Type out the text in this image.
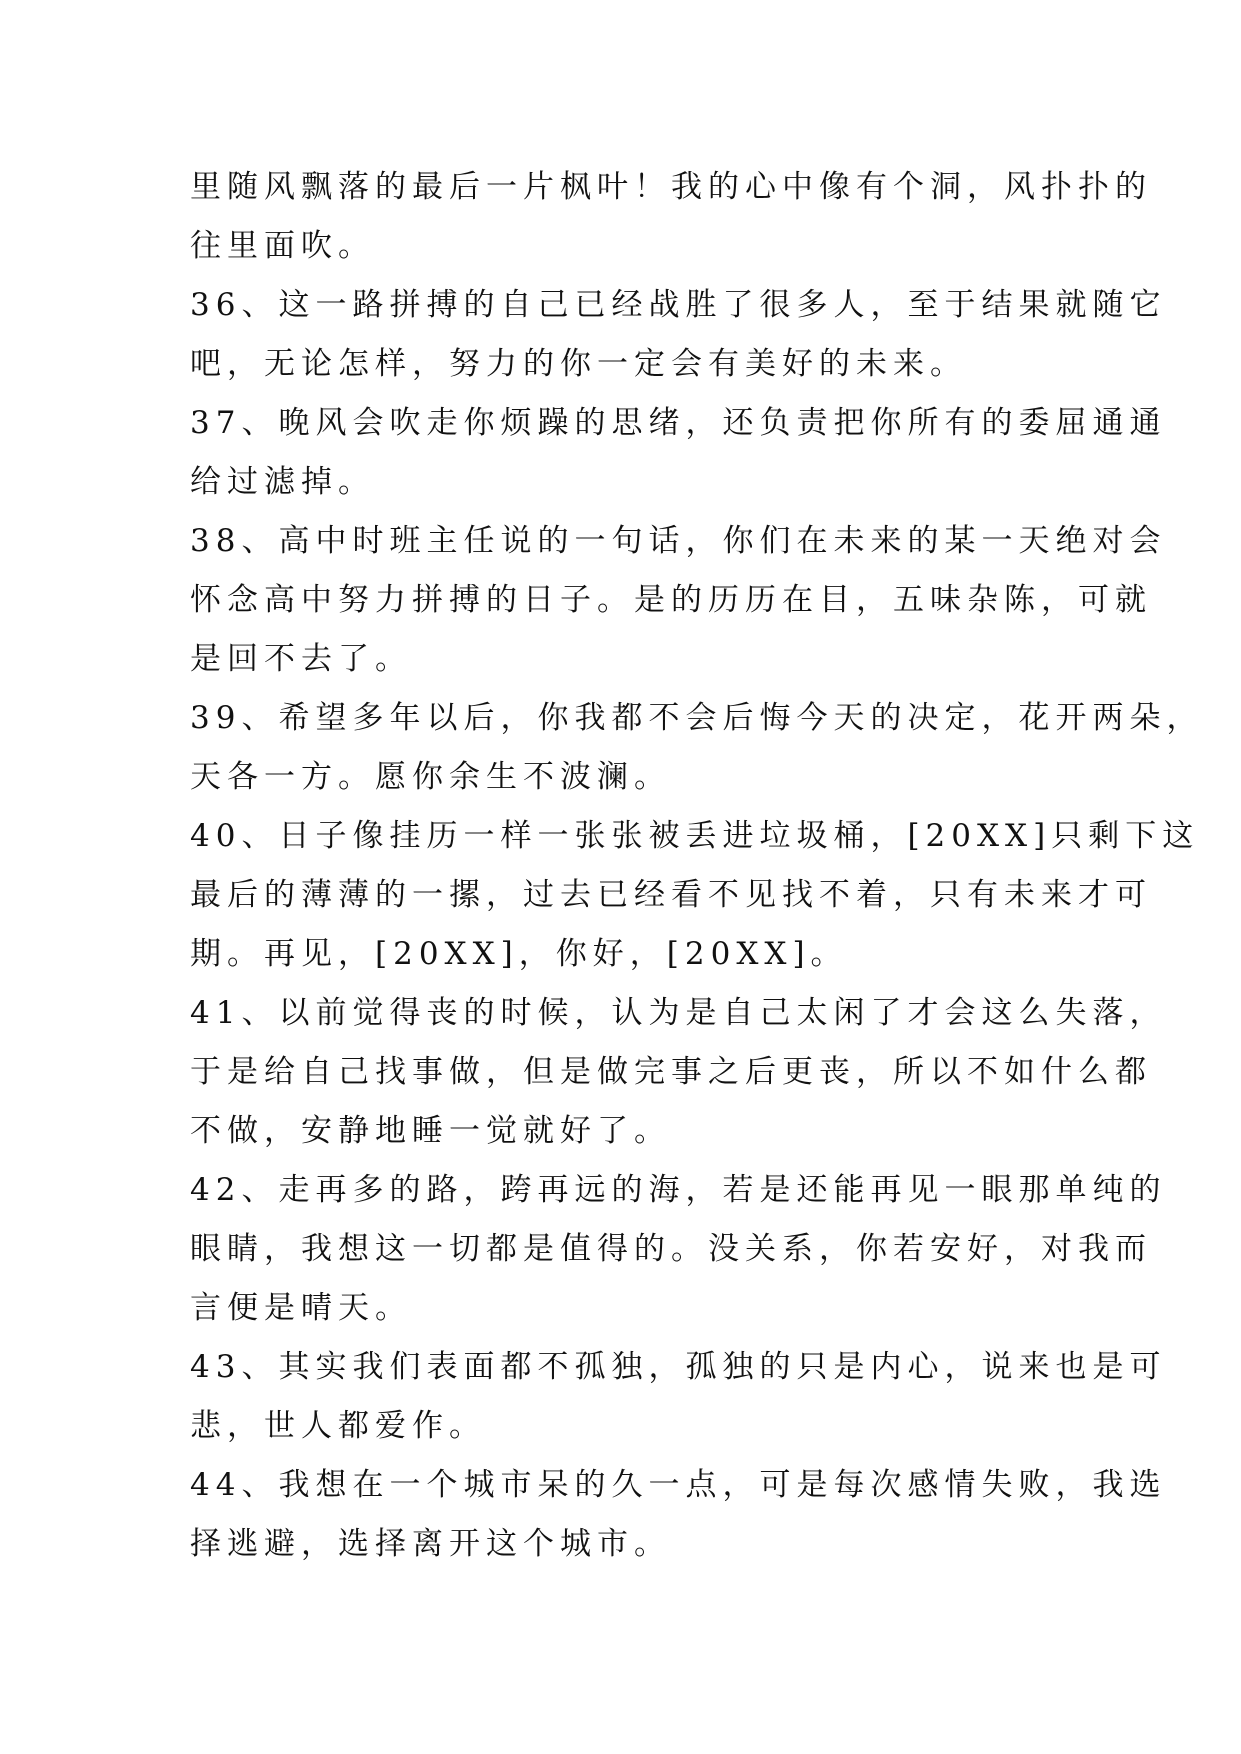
里随风飘落的最后一片枫叶！我的心中像有个洞，风扑扑的
往里面吹。
36、这一路拼搏的自己已经战胜了很多人，至于结果就随它
吧，无论怎样，努力的你一定会有美好的未来。
37、晚风会吹走你烦躁的思绪，还负责把你所有的委屈通通
给过滤掉。
38、高中时班主任说的一句话，你们在未来的某一天绝对会
怀念高中努力拼搏的日子。是的历历在目，五味杂陈，可就
是回不去了。
39、希望多年以后，你我都不会后悔今天的决定，花开两朵，
天各一方。愿你余生不波澜。
40、日子像挂历一样一张张被丢进垃圾桶，[20XX]只剩下这
最后的薄薄的一摞，过去已经看不见找不着，只有未来才可
期。再见，[20XX]，你好，[20XX]。
41、以前觉得丧的时候，认为是自己太闲了才会这么失落，
于是给自己找事做，但是做完事之后更丧，所以不如什么都
不做，安静地睡一觉就好了。
42、走再多的路，跨再远的海，若是还能再见一眼那单纯的
眼睛，我想这一切都是值得的。没关系，你若安好，对我而
言便是晴天。
43、其实我们表面都不孤独，孤独的只是内心，说来也是可
悲，世人都爱作。
44、我想在一个城市呆的久一点，可是每次感情失败，我选
择逃避，选择离开这个城市。
